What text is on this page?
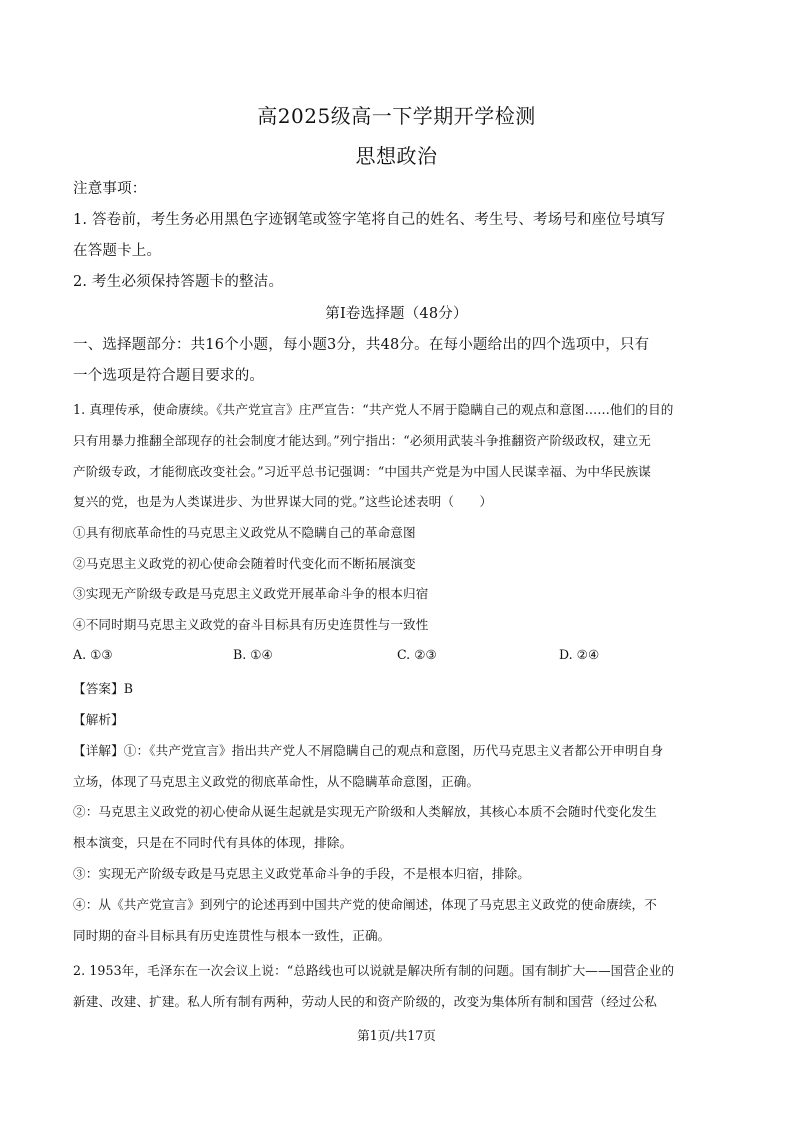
高2025级高一下学期开学检测
思想政治
注意事项：
1. 答卷前，考生务必用黑色字迹钢笔或签字笔将自己的姓名、考生号、考场号和座位号填写
在答题卡上。
2. 考生必须保持答题卡的整洁。
第I卷选择题（48分）
一、选择题部分：共16个小题，每小题3分，共48分。在每小题给出的四个选项中，只有
一个选项是符合题目要求的。
1. 真理传承，使命赓续。《共产党宣言》庄严宣告：“共产党人不屑于隐瞒自己的观点和意图……他们的目的
只有用暴力推翻全部现存的社会制度才能达到。”列宁指出：“必须用武装斗争推翻资产阶级政权，建立无
产阶级专政，才能彻底改变社会。”习近平总书记强调：“中国共产党是为中国人民谋幸福、为中华民族谋
复兴的党，也是为人类谋进步、为世界谋大同的党。”这些论述表明（　　）
①具有彻底革命性的马克思主义政党从不隐瞒自己的革命意图
②马克思主义政党的初心使命会随着时代变化而不断拓展演变
③实现无产阶级专政是马克思主义政党开展革命斗争的根本归宿
④不同时期马克思主义政党的奋斗目标具有历史连贯性与一致性
A. ①③	B. ①④	C. ②③	D. ②④
【答案】B
【解析】
【详解】①：《共产党宣言》指出共产党人不屑隐瞒自己的观点和意图，历代马克思主义者都公开申明自身
立场，体现了马克思主义政党的彻底革命性，从不隐瞒革命意图，正确。
②：马克思主义政党的初心使命从诞生起就是实现无产阶级和人类解放，其核心本质不会随时代变化发生
根本演变，只是在不同时代有具体的体现，排除。
③：实现无产阶级专政是马克思主义政党革命斗争的手段，不是根本归宿，排除。
④：从《共产党宣言》到列宁的论述再到中国共产党的使命阐述，体现了马克思主义政党的使命赓续，不
同时期的奋斗目标具有历史连贯性与根本一致性，正确。
2. 1953年，毛泽东在一次会议上说：“总路线也可以说就是解决所有制的问题。国有制扩大——国营企业的
新建、改建、扩建。私人所有制有两种，劳动人民的和资产阶级的，改变为集体所有制和国营（经过公私
第1页/共17页
